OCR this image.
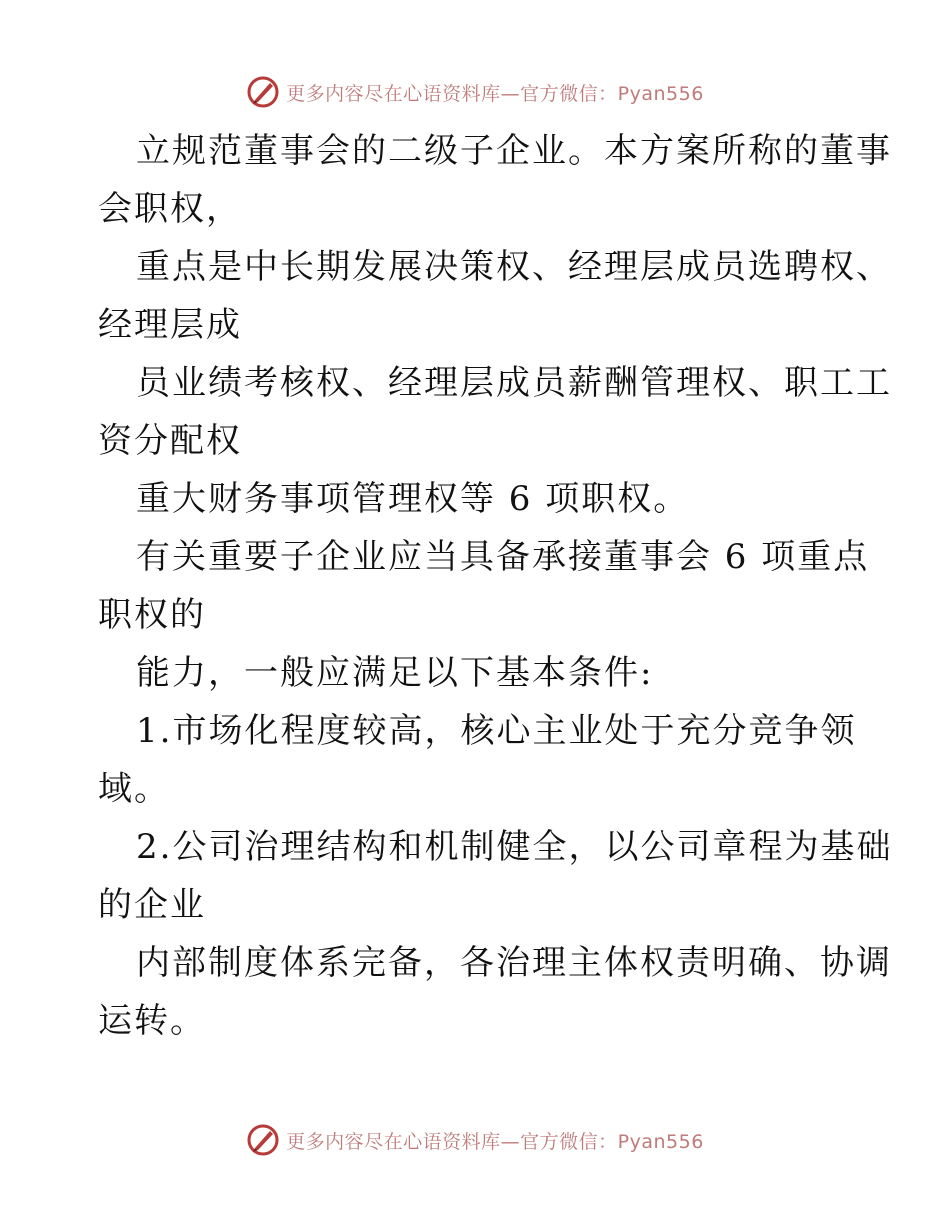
更多内容尽在心语资料库—官方微信：Pyan556
立规范董事会的二级子企业。本方案所称的董事
会职权，
重点是中长期发展决策权、经理层成员选聘权、
经理层成
员业绩考核权、经理层成员薪酬管理权、职工工
资分配权
重大财务事项管理权等 6 项职权。
有关重要子企业应当具备承接董事会 6 项重点
职权的
能力，一般应满足以下基本条件:
1.市场化程度较高，核心主业处于充分竞争领
域。
2.公司治理结构和机制健全，以公司章程为基础
的企业
内部制度体系完备，各治理主体权责明确、协调
运转。
更多内容尽在心语资料库—官方微信：Pyan556
